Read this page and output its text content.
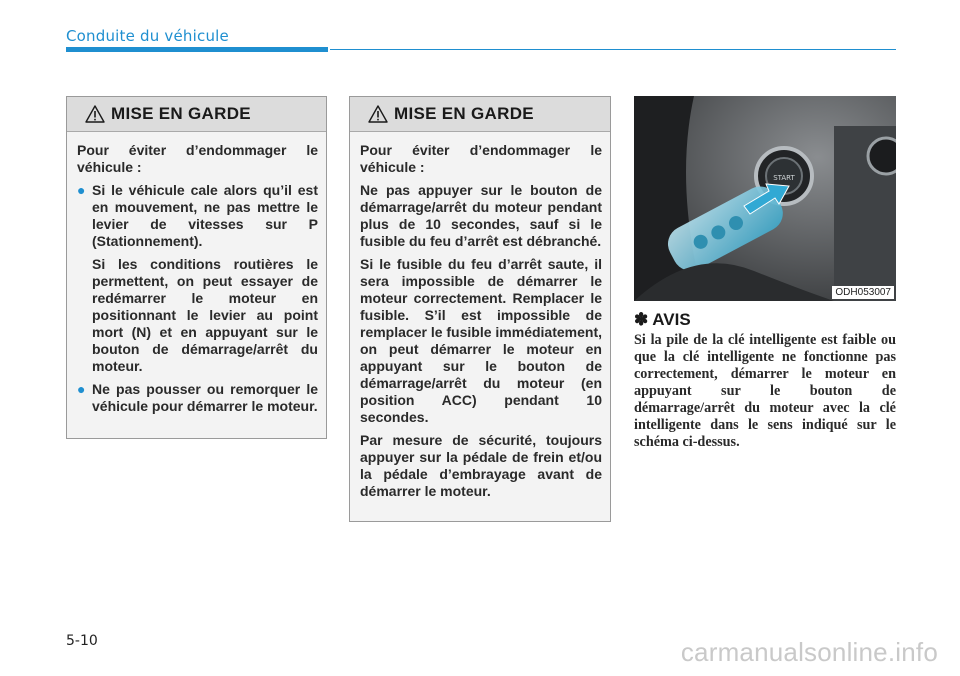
Conduite du véhicule
MISE EN GARDE

Pour éviter d’endommager le véhicule :

● Si le véhicule cale alors qu’il est en mouvement, ne pas mettre le levier de vitesses sur P (Stationnement).

Si les conditions routières le permettent, on peut essayer de redémarrer le moteur en positionnant le levier au point mort (N) et en appuyant sur le bouton de démarrage/arrêt du moteur.

● Ne pas pousser ou remorquer le véhicule pour démarrer le moteur.

MISE EN GARDE

Pour éviter d’endommager le véhicule :

Ne pas appuyer sur le bouton de démarrage/arrêt du moteur pendant plus de 10 secondes, sauf si le fusible du feu d’arrêt est débranché.

Si le fusible du feu d’arrêt saute, il sera impossible de démarrer le moteur correctement. Remplacer le fusible. S’il est impossible de remplacer le fusible immédiatement, on peut démarrer le moteur en appuyant sur le bouton de démarrage/arrêt du moteur (en position ACC) pendant 10 secondes.

Par mesure de sécurité, toujours appuyer sur la pédale de frein et/ou la pédale d’embrayage avant de démarrer le moteur.

START
ODH053007
✽ AVIS
Si la pile de la clé intelligente est faible ou que la clé intelligente ne fonctionne pas correctement, démarrer le moteur en appuyant sur le bouton de démarrage/arrêt du moteur avec la clé intelligente dans le sens indiqué sur le schéma ci-dessus.
5-10	carmanualsonline.info
